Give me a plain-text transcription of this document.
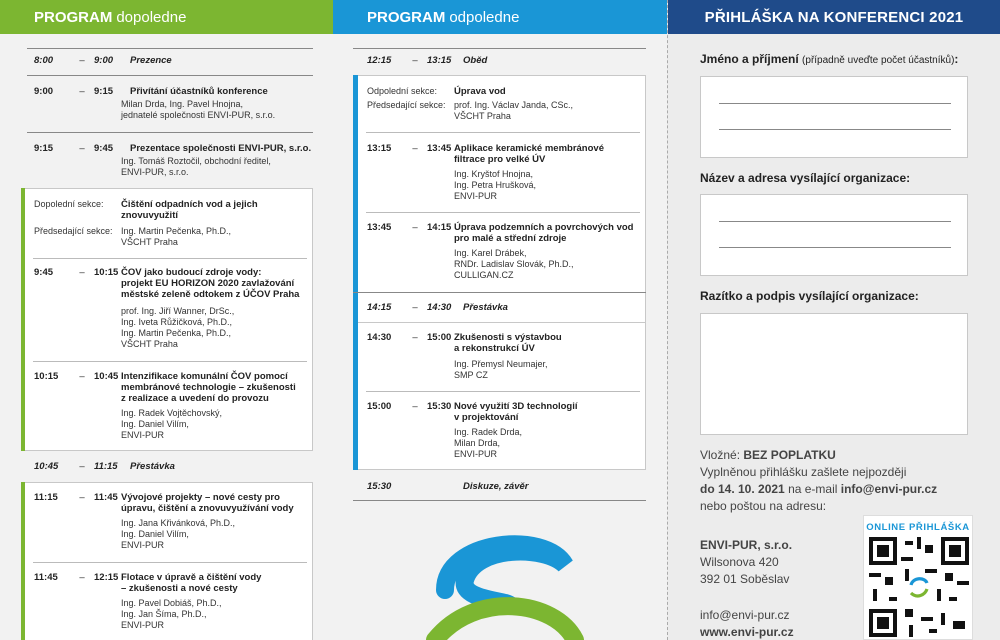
PROGRAM dopoledne
8:00	– 9:00	Prezence
9:00	– 9:15	Přivítání účastníků konference
Milan Drda, Ing. Pavel Hnojna,
jednatelé společnosti ENVI-PUR, s.r.o.
9:15	– 9:45	Prezentace společnosti ENVI-PUR, s.r.o.
Ing. Tomáš Roztočil, obchodní ředitel,
ENVI-PUR, s.r.o.
Dopolední sekce: Čištění odpadních vod a jejich
znovuvyužití
Předsedající sekce: Ing. Martin Pečenka, Ph.D.,
VŠCHT Praha
9:45	– 10:15 ČOV jako budoucí zdroje vody:
projekt EU HORIZON 2020 zavlažování
městské zeleně odtokem z ÚČOV Praha
prof. Ing. Jiří Wanner, DrSc.,
Ing. Iveta Růžičková, Ph.D.,
Ing. Martin Pečenka, Ph.D.,
VŠCHT Praha
10:15	– 10:45 Intenzifikace komunální ČOV pomocí
membránové technologie – zkušenosti
z realizace a uvedení do provozu
Ing. Radek Vojtěchovský,
Ing. Daniel Vilím,
ENVI-PUR
10:45	– 11:15	Přestávka
11:15	– 11:45 Vývojové projekty – nové cesty pro
úpravu, čištění a znovuvyužívání vody
Ing. Jana Křivánková, Ph.D.,
Ing. Daniel Vilím,
ENVI-PUR
11:45	– 12:15 Flotace v úpravě a čištění vody
– zkušenosti a nové cesty
Ing. Pavel Dobiáš, Ph.D.,
Ing. Jan Šíma, Ph.D.,
ENVI-PUR
PROGRAM odpoledne
12:15	– 13:15	Oběd
Odpolední sekce: Úprava vod
Předsedající sekce: prof. Ing. Václav Janda, CSc.,
VŠCHT Praha
13:15	– 13:45 Aplikace keramické membránové
filtrace pro velké ÚV
Ing. Kryštof Hnojna,
Ing. Petra Hrušková,
ENVI-PUR
13:45	– 14:15 Úprava podzemních a povrchových vod
pro malé a střední zdroje
Ing. Karel Drábek,
RNDr. Ladislav Slovák, Ph.D.,
CULLIGAN.CZ
14:15	– 14:30	Přestávka
14:30	– 15:00 Zkušenosti s výstavbou
a rekonstrukcí ÚV
Ing. Přemysl Neumajer,
SMP CZ
15:00	– 15:30 Nové využití 3D technologií
v projektování
Ing. Radek Drda,
Milan Drda,
ENVI-PUR
15:30	Diskuze, závěr
PŘIHLÁŠKA NA KONFERENCI 2021
Jméno a příjmení (případně uveďte počet účastníků):
Název a adresa vysílající organizace:
Razítko a podpis vysílající organizace:
Vložné: BEZ POPLATKU
Vyplněnou přihlášku zašlete nejpozději
do 14. 10. 2021 na e-mail info@envi-pur.cz
nebo poštou na adresu:
ENVI-PUR, s.r.o.
Wilsonova 420
392 01 Soběslav
info@envi-pur.cz
www.envi-pur.cz
ONLINE PŘIHLÁŠKA
